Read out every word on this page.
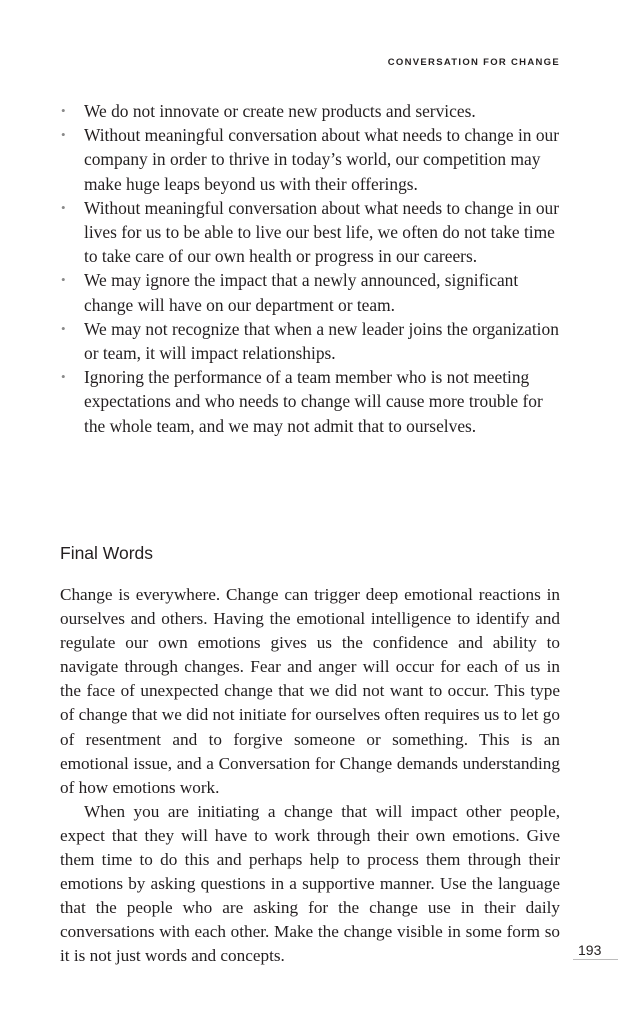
CONVERSATION FOR CHANGE
• We do not innovate or create new products and services.
• Without meaningful conversation about what needs to change in our company in order to thrive in today’s world, our competition may make huge leaps beyond us with their offerings.
• Without meaningful conversation about what needs to change in our lives for us to be able to live our best life, we often do not take time to take care of our own health or progress in our careers.
• We may ignore the impact that a newly announced, significant change will have on our department or team.
• We may not recognize that when a new leader joins the organization or team, it will impact relationships.
• Ignoring the performance of a team member who is not meeting expectations and who needs to change will cause more trouble for the whole team, and we may not admit that to ourselves.
Final Words

Change is everywhere. Change can trigger deep emotional reactions in ourselves and others. Having the emotional intelligence to identify and regulate our own emotions gives us the confidence and ability to navigate through changes. Fear and anger will occur for each of us in the face of unexpected change that we did not want to occur. This type of change that we did not initiate for ourselves often requires us to let go of resentment and to forgive someone or something. This is an emotional issue, and a Conversation for Change demands understanding of how emotions work.

When you are initiating a change that will impact other people, expect that they will have to work through their own emotions. Give them time to do this and perhaps help to process them through their emotions by asking questions in a supportive manner. Use the language that the people who are asking for the change use in their daily conversations with each other. Make the change visible in some form so it is not just words and concepts.	193
